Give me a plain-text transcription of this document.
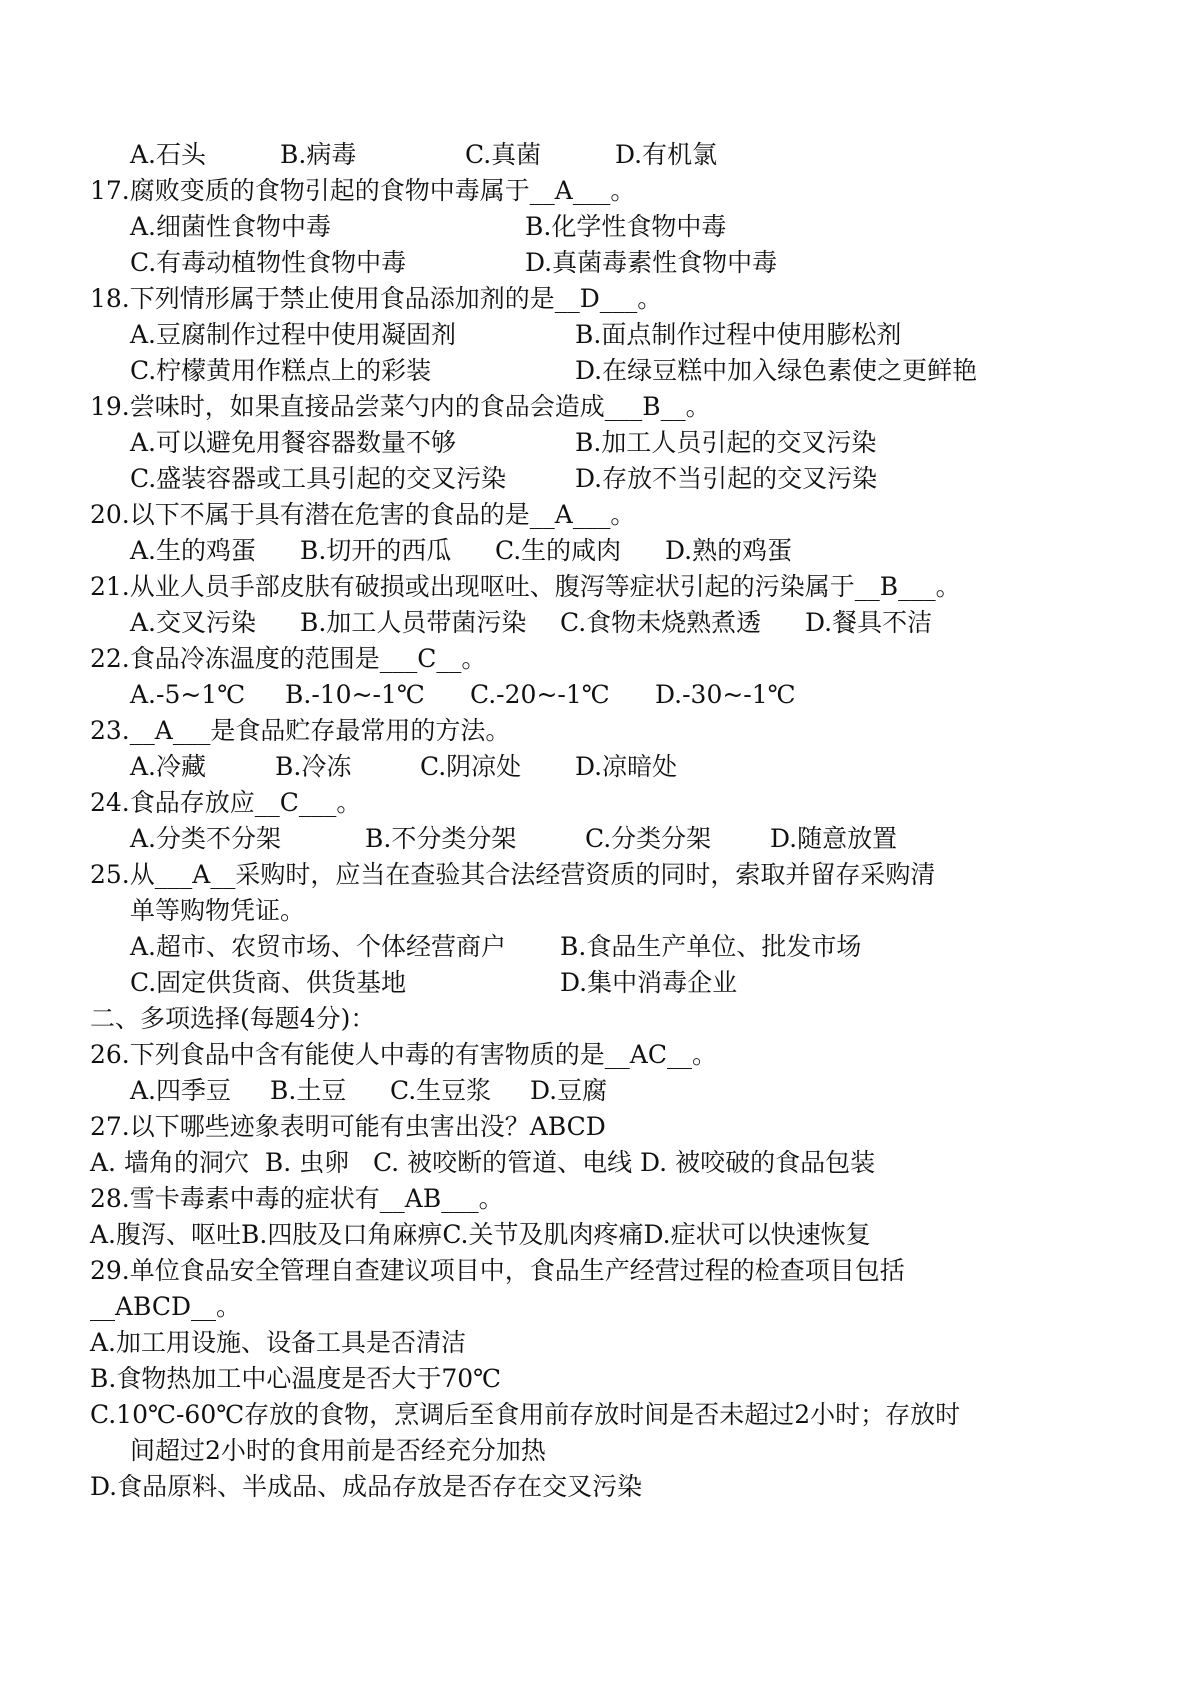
A.石头	B.病毒	C.真菌	D.有机氯
17.腐败变质的食物引起的食物中毒属于__A___。
A.细菌性食物中毒	B.化学性食物中毒
C.有毒动植物性食物中毒	D.真菌毒素性食物中毒
18.下列情形属于禁止使用食品添加剂的是__D___。
A.豆腐制作过程中使用凝固剂	B.面点制作过程中使用膨松剂
C.柠檬黄用作糕点上的彩装	D.在绿豆糕中加入绿色素使之更鲜艳
19.尝味时，如果直接品尝菜勺内的食品会造成___B__。
A.可以避免用餐容器数量不够	B.加工人员引起的交叉污染
C.盛装容器或工具引起的交叉污染	D.存放不当引起的交叉污染
20.以下不属于具有潜在危害的食品的是__A___。
A.生的鸡蛋 B.切开的西瓜 C.生的咸肉 D.熟的鸡蛋
21.从业人员手部皮肤有破损或出现呕吐、腹泻等症状引起的污染属于__B___。
A.交叉污染 B.加工人员带菌污染 C.食物未烧熟煮透 D.餐具不洁
22.食品冷冻温度的范围是___C__。
A.-5~1℃ B.-10~-1℃ C.-20~-1℃ D.-30~-1℃
23.__A___是食品贮存最常用的方法。
A.冷藏	B.冷冻	C.阴凉处 D.凉暗处
24.食品存放应__C___。
A.分类不分架	B.不分类分架	C.分类分架 D.随意放置
25.从___A__采购时，应当在查验其合法经营资质的同时，索取并留存采购清
单等购物凭证。
A.超市、农贸市场、个体经营商户 B.食品生产单位、批发市场
C.固定供货商、供货基地	D.集中消毒企业
二、多项选择(每题4分)：
26.下列食品中含有能使人中毒的有害物质的是__AC__。
A.四季豆 B.土豆 C.生豆浆 D.豆腐
27.以下哪些迹象表明可能有虫害出没？ABCD
A. 墙角的洞穴  B. 虫卵   C. 被咬断的管道、电线 D. 被咬破的食品包装
28.雪卡毒素中毒的症状有__AB___。
A.腹泻、呕吐B.四肢及口角麻痹C.关节及肌肉疼痛D.症状可以快速恢复
29.单位食品安全管理自查建议项目中，食品生产经营过程的检查项目包括
__ABCD__。
A.加工用设施、设备工具是否清洁
B.食物热加工中心温度是否大于70℃
C.10℃-60℃存放的食物，烹调后至食用前存放时间是否未超过2小时；存放时
间超过2小时的食用前是否经充分加热
D.食品原料、半成品、成品存放是否存在交叉污染
